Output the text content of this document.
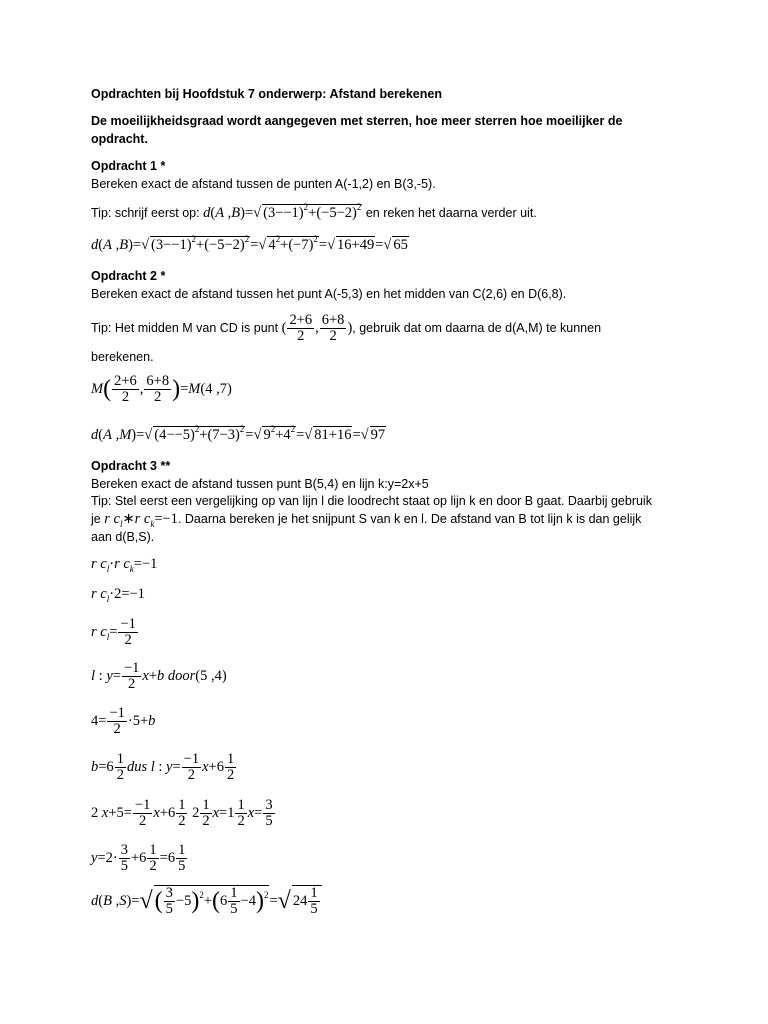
Opdrachten bij Hoofdstuk 7 onderwerp: Afstand berekenen
De moeilijkheidsgraad wordt aangegeven met sterren, hoe meer sterren hoe moeilijker de
opdracht.
Opdracht 1 *
Bereken exact de afstand tussen de punten A(-1,2) en B(3,-5).
Tip: schrijf eerst op: d(A ,B)=√ $(3--1)^2+(-5-2)^2$ en reken het daarna verder uit.
d(A ,B)=√ $(3--1)^2+(-5-2)^2=√$ $4^2+(-7)^2=√$ 16+49=√ 65
Opdracht 2 *
Bereken exact de afstand tussen het punt A(-5,3) en het midden van C(2,6) en D(6,8).
Tip: Het midden M van CD is punt ( $\frac{2+6}{2}$ , $\frac{6+8}{2}$ ), gebruik dat om daarna de d(A,M) te kunnen
berekenen.
$M( \frac{2+6}{2}$ , $\frac{6+8}{2} )=M(4$ ,7)
d(A ,M)=√ $(4--5)^2+(7-3)^2=√$ $9^2+4^2=√$ 81+16=√ 97
Opdracht 3 **
Bereken exact de afstand tussen punt B(5,4) en lijn k:y=2x+5
Tip: Stel eerst een vergelijking op van lijn l die loodrecht staat op lijn k en door B gaat. Daarbij gebruik
je r $c_l∗r$ $c_k=-1$. Daarna bereken je het snijpunt S van k en l. De afstand van B tot lijn k is dan gelijk
aan d(B,S).
r $c_l\cdot r$ $c_k=-1$
r $c_l\cdot 2=-1$
r $c_l= \frac{-1}{2}$
l : $y= \frac{-1}{2} x+b$ door(5 ,4)
$4= \frac{-1}{2} \cdot 5+b$
$b=6 \frac{1}{2}$ dus l : $y= \frac{-1}{2} x+6 \frac{1}{2}$
2 $x+5= \frac{-1}{2} x+6 \frac{1}{2} 2 \frac{1}{2} x=1 \frac{1}{2} x= \frac{3}{5}$
$y=2\cdot \frac{3}{5} +6 \frac{1}{2} =6 \frac{1}{5}$
d(B $,S)=√( \frac{3}{5} -5)^2+(6 \frac{1}{5} -4)^2=√$ $24 \frac{1}{5}$
